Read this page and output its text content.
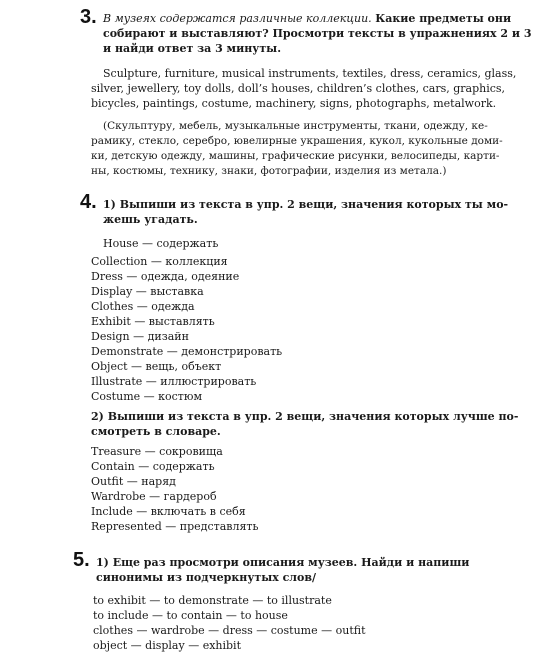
3. В музеях содержатся различные коллекции. Какие предметы они
собирают и выставляют? Просмотри тексты в упражнениях 2 и 3
и найди ответ за 3 минуты.
Sculpture, furniture, musical instruments, textiles, dress, ceramics, glass,
silver, jewellery, toy dolls, doll’s houses, children’s clothes, cars, graphics,
bicycles, paintings, costume, machinery, signs, photographs, metalwork.
(Скульптуру, мебель, музыкальные инструменты, ткани, одежду, ке-
рамику, стекло, серебро, ювелирные украшения, кукол, кукольные доми-
ки, детскую одежду, машины, графические рисунки, велосипеды, карти-
ны, костюмы, технику, знаки, фотографии, изделия из метала.)
4. 1) Выпиши из текста в упр. 2 вещи, значения которых ты мо-
жешь угадать.
House — содержать
Collection — коллекция
Dress — одежда, одеяние
Display — выставка
Clothes — одежда
Exhibit — выставлять
Design — дизайн
Demonstrate — демонстрировать
Object — вещь, объект
Illustrate — иллюстрировать
Costume — костюм
2) Выпиши из текста в упр. 2 вещи, значения которых лучше по-
смотреть в словаре.
Treasure — сокровища
Contain — содержать
Outfit — наряд
Wardrobe — гардероб
Include — включать в себя
Represented — представлять
5. 1) Еще раз просмотри описания музеев. Найди и напиши
синонимы из подчеркнутых слов/
to exhibit — to demonstrate — to illustrate
to include — to contain — to house
clothes — wardrobe — dress — costume — outfit
object — display — exhibit
